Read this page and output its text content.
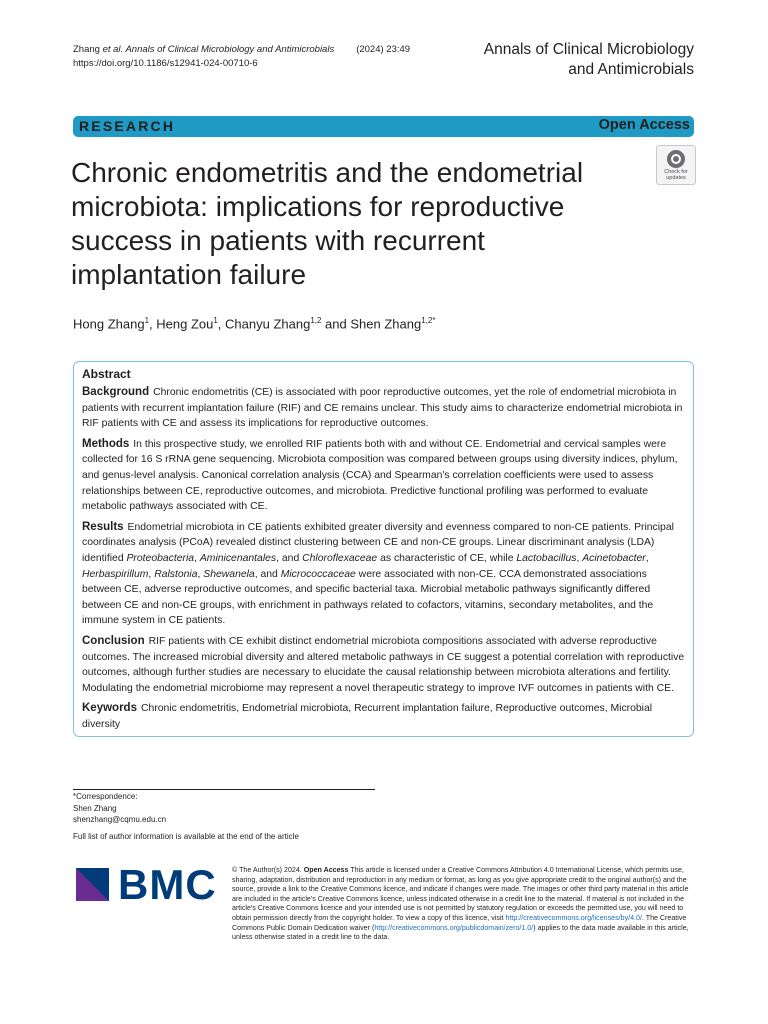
Zhang et al. Annals of Clinical Microbiology and Antimicrobials (2024) 23:49
https://doi.org/10.1186/s12941-024-00710-6
Annals of Clinical Microbiology
and Antimicrobials
RESEARCH	Open Access
Chronic endometritis and the endometrial microbiota: implications for reproductive success in patients with recurrent implantation failure
Check for
updates
Hong Zhang$^1$, Heng Zou$^1$, Chanyu Zhang$^{1,2}$ and Shen Zhang$^{1,2*}$
Abstract

Background Chronic endometritis (CE) is associated with poor reproductive outcomes, yet the role of endometrial microbiota in patients with recurrent implantation failure (RIF) and CE remains unclear. This study aims to characterize endometrial microbiota in RIF patients with CE and assess its implications for reproductive outcomes.

Methods In this prospective study, we enrolled RIF patients both with and without CE. Endometrial and cervical samples were collected for 16 S rRNA gene sequencing. Microbiota composition was compared between groups using diversity indices, phylum, and genus-level analysis. Canonical correlation analysis (CCA) and Spearman's correlation coefficients were used to assess relationships between CE, reproductive outcomes, and microbiota. Predictive functional profiling was performed to evaluate metabolic pathways associated with CE.

Results Endometrial microbiota in CE patients exhibited greater diversity and evenness compared to non-CE patients. Principal coordinates analysis (PCoA) revealed distinct clustering between CE and non-CE groups. Linear discriminant analysis (LDA) identified Proteobacteria, Aminicenantales, and Chloroflexaceae as characteristic of CE, while Lactobacillus, Acinetobacter, Herbaspirillum, Ralstonia, Shewanela, and Micrococcaceae were associated with non-CE. CCA demonstrated associations between CE, adverse reproductive outcomes, and specific bacterial taxa. Microbial metabolic pathways significantly differed between CE and non-CE groups, with enrichment in pathways related to cofactors, vitamins, secondary metabolites, and the immune system in CE patients.

Conclusion RIF patients with CE exhibit distinct endometrial microbiota compositions associated with adverse reproductive outcomes. The increased microbial diversity and altered metabolic pathways in CE suggest a potential correlation with reproductive outcomes, although further studies are necessary to elucidate the causal relationship between microbiota alterations and fertility. Modulating the endometrial microbiome may represent a novel therapeutic strategy to improve IVF outcomes in patients with CE.

Keywords Chronic endometritis, Endometrial microbiota, Recurrent implantation failure, Reproductive outcomes, Microbial diversity

*Correspondence:
Shen Zhang
shenzhang@cqmu.edu.cn
Full list of author information is available at the end of the article
BMC © The Author(s) 2024. Open Access This article is licensed under a Creative Commons Attribution 4.0 International License, which permits use, sharing, adaptation, distribution and reproduction in any medium or format, as long as you give appropriate credit to the original author(s) and the source, provide a link to the Creative Commons licence, and indicate if changes were made. The images or other third party material in this article are included in the article's Creative Commons licence, unless indicated otherwise in a credit line to the material. If material is not included in the article's Creative Commons licence and your intended use is not permitted by statutory regulation or exceeds the permitted use, you will need to obtain permission directly from the copyright holder. To view a copy of this licence, visit http://creativecommons.org/licenses/by/4.0/. The Creative Commons Public Domain Dedication waiver (http://creativecommons.org/publicdomain/zero/1.0/) applies to the data made available in this article, unless otherwise stated in a credit line to the data.
